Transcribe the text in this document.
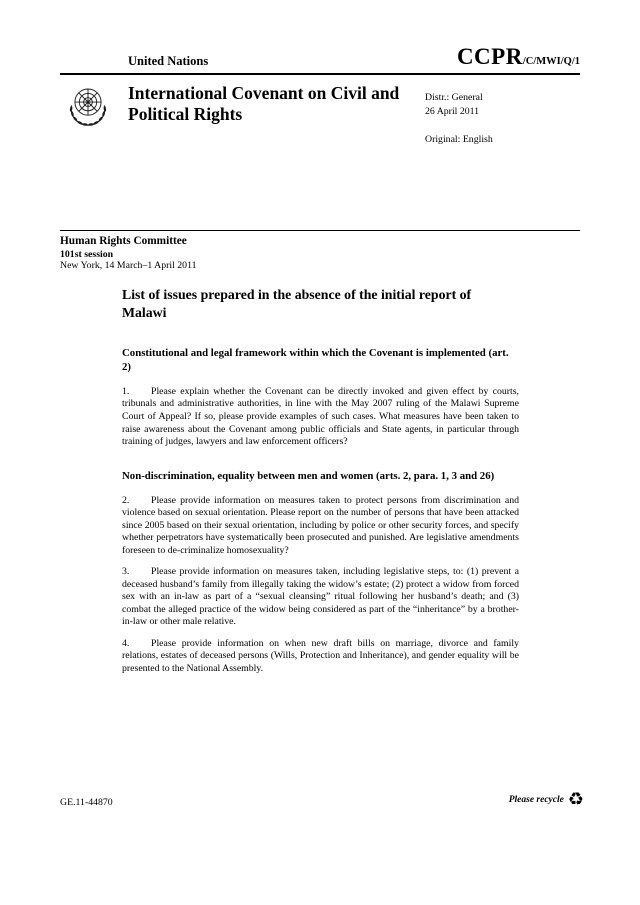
United Nations	CCPR/C/MWI/Q/1
International Covenant on Civil and Political Rights
Distr.: General
26 April 2011
Original: English
Human Rights Committee
101st session
New York, 14 March–1 April 2011
List of issues prepared in the absence of the initial report of Malawi
Constitutional and legal framework within which the Covenant is implemented (art. 2)

1. Please explain whether the Covenant can be directly invoked and given effect by courts, tribunals and administrative authorities, in line with the May 2007 ruling of the Malawi Supreme Court of Appeal? If so, please provide examples of such cases. What measures have been taken to raise awareness about the Covenant among public officials and State agents, in particular through training of judges, lawyers and law enforcement officers?

Non-discrimination, equality between men and women (arts. 2, para. 1, 3 and 26)

2. Please provide information on measures taken to protect persons from discrimination and violence based on sexual orientation. Please report on the number of persons that have been attacked since 2005 based on their sexual orientation, including by police or other security forces, and specify whether perpetrators have systematically been prosecuted and punished. Are legislative amendments foreseen to de-criminalize homosexuality?

3. Please provide information on measures taken, including legislative steps, to: (1) prevent a deceased husband’s family from illegally taking the widow’s estate; (2) protect a widow from forced sex with an in-law as part of a “sexual cleansing” ritual following her husband’s death; and (3) combat the alleged practice of the widow being considered as part of the “inheritance” by a brother-in-law or other male relative.

4. Please provide information on when new draft bills on marriage, divorce and family relations, estates of deceased persons (Wills, Protection and Inheritance), and gender equality will be presented to the National Assembly.

GE.11-44870	Please recycle ♻
